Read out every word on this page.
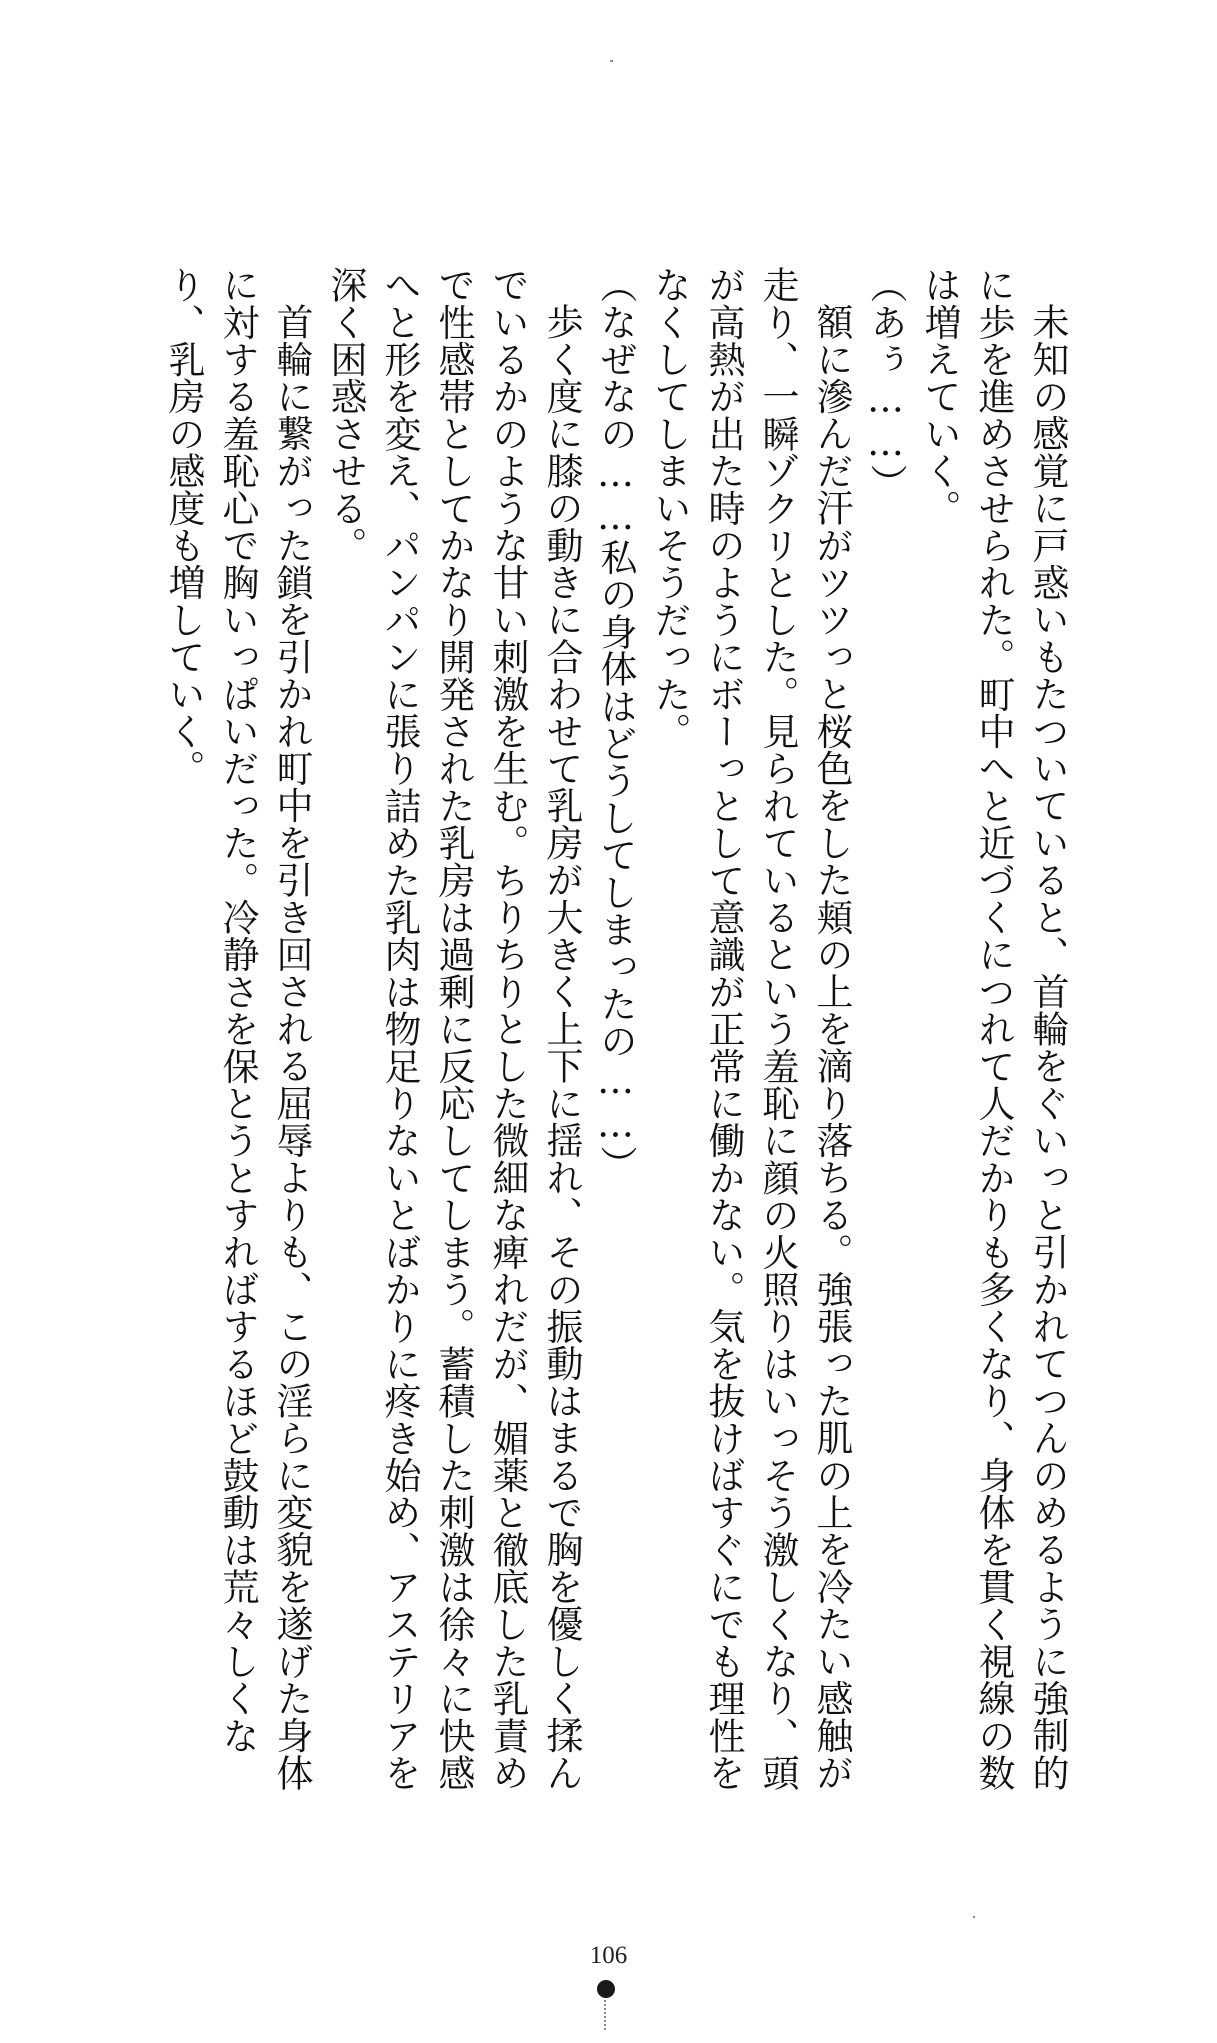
未知の感覚に戸惑いもたついていると、首輪をぐいっと引かれてつんのめるように強制的に歩を進めさせられた。町中へと近づくにつれて人だかりも多くなり、身体を貫く視線の数は増えていく。

（あぅ……）

額に滲んだ汗がツツっと桜色をした頬の上を滴り落ちる。強張った肌の上を冷たい感触が走り、一瞬ゾクリとした。見られているという羞恥に顔の火照りはいっそう激しくなり、頭が高熱が出た時のようにボーっとして意識が正常に働かない。気を抜けばすぐにでも理性をなくしてしまいそうだった。

（なぜなの……私の身体はどうしてしまったの……）

歩く度に膝の動きに合わせて乳房が大きく上下に揺れ、その振動はまるで胸を優しく揉んでいるかのような甘い刺激を生む。ちりちりとした微細な痺れだが、媚薬と徹底した乳責めで性感帯としてかなり開発された乳房は過剰に反応してしまう。蓄積した刺激は徐々に快感へと形を変え、パンパンに張り詰めた乳肉は物足りないとばかりに疼き始め、アステリアを深く困惑させる。

首輪に繋がった鎖を引かれ町中を引き回される屈辱よりも、この淫らに変貌を遂げた身体に対する羞恥心で胸いっぱいだった。冷静さを保とうとすればするほど鼓動は荒々しくなり、乳房の感度も増していく。

106
